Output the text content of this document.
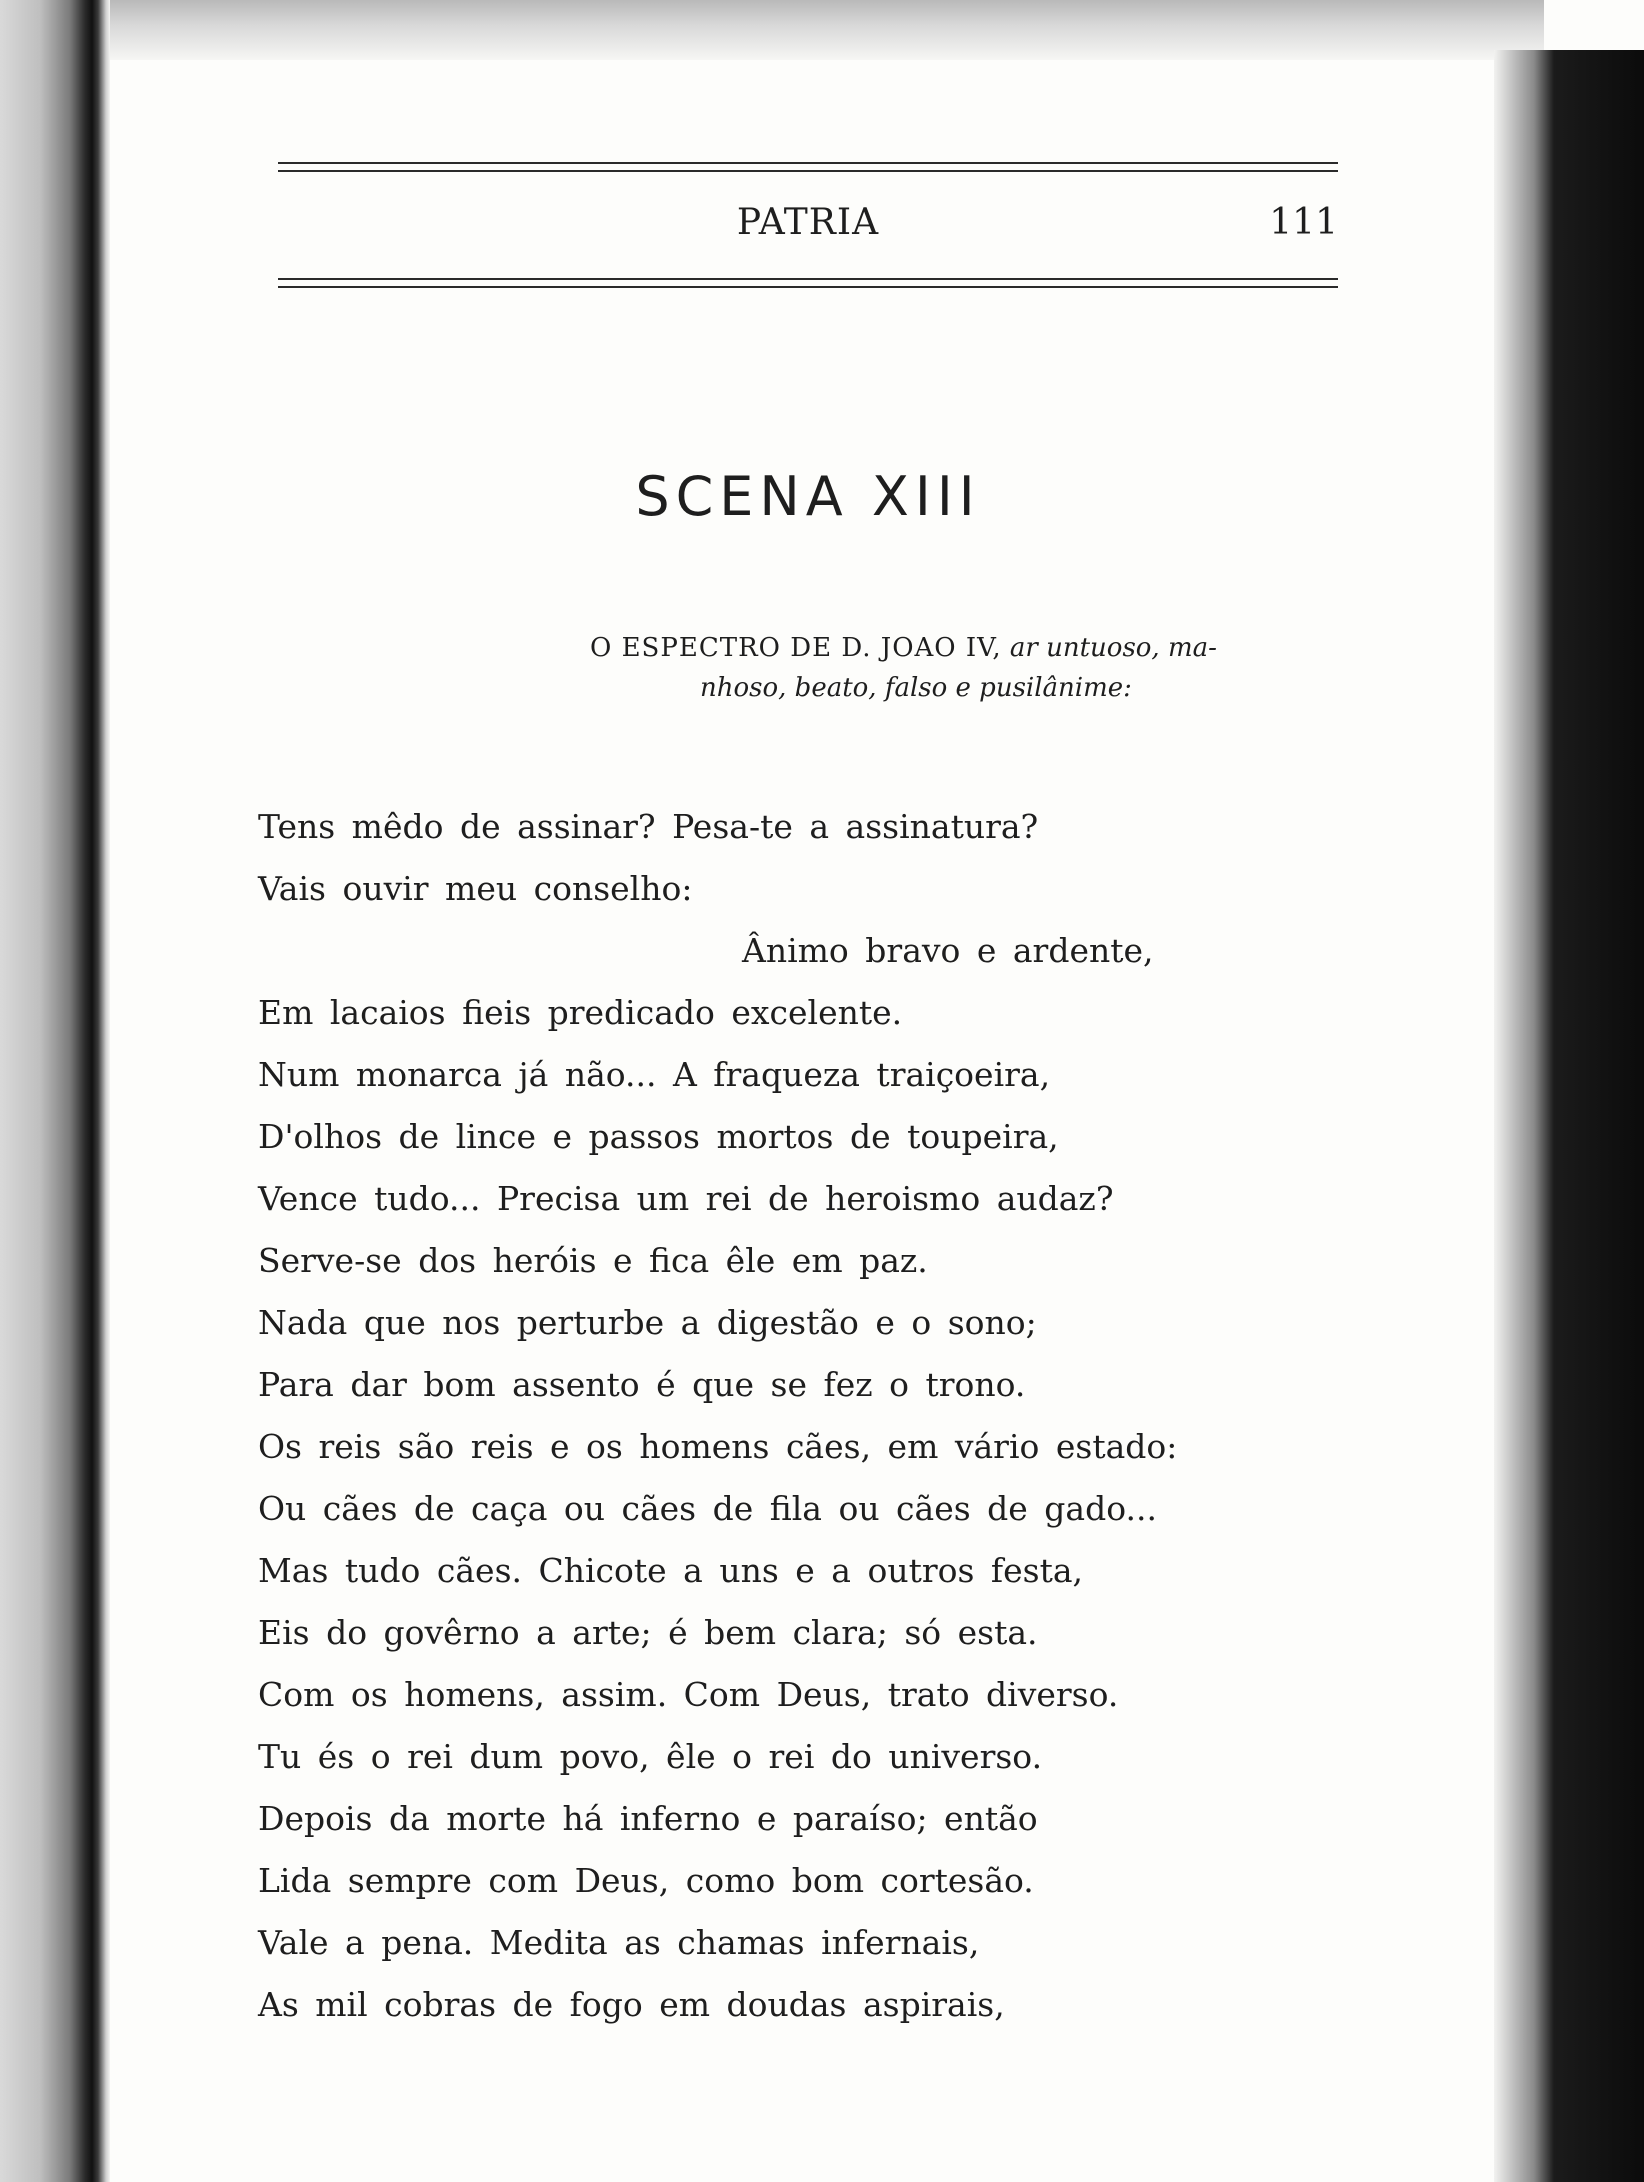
PATRIA	111
SCENA XIII
O ESPECTRO DE D. JOAO IV, ar untuoso, ma-
nhoso, beato, falso e pusilânime:
Tens mêdo de assinar? Pesa-te a assinatura?
Vais ouvir meu conselho:
Ânimo bravo e ardente,
Em lacaios fieis predicado excelente.
Num monarca já não... A fraqueza traiçoeira,
D'olhos de lince e passos mortos de toupeira,
Vence tudo... Precisa um rei de heroismo audaz?
Serve-se dos heróis e fica êle em paz.
Nada que nos perturbe a digestão e o sono;
Para dar bom assento é que se fez o trono.
Os reis são reis e os homens cães, em vário estado:
Ou cães de caça ou cães de fila ou cães de gado...
Mas tudo cães. Chicote a uns e a outros festa,
Eis do govêrno a arte; é bem clara; só esta.
Com os homens, assim. Com Deus, trato diverso.
Tu és o rei dum povo, êle o rei do universo.
Depois da morte há inferno e paraíso; então
Lida sempre com Deus, como bom cortesão.
Vale a pena. Medita as chamas infernais,
As mil cobras de fogo em doudas aspirais,
